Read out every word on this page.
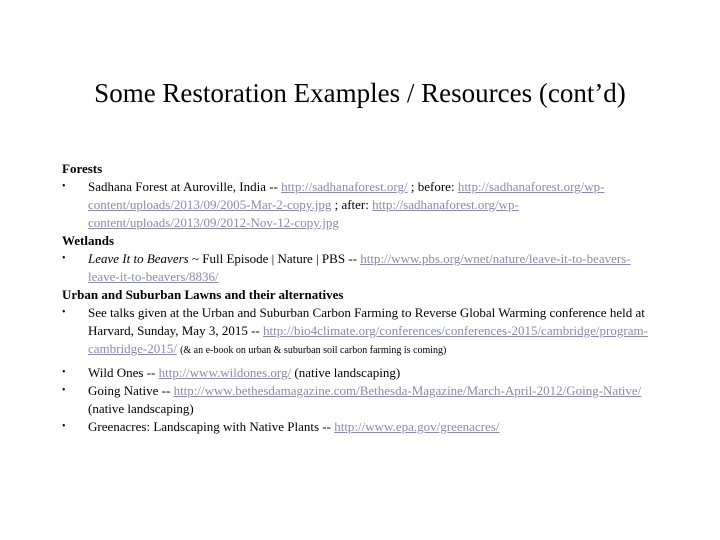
Some Restoration Examples / Resources (cont’d)
Forests
• Sadhana Forest at Auroville, India -- http://sadhanaforest.org/ ; before: http://sadhanaforest.org/wp-content/uploads/2013/09/2005-Mar-2-copy.jpg ; after: http://sadhanaforest.org/wp-content/uploads/2013/09/2012-Nov-12-copy.jpg
Wetlands
• Leave It to Beavers ~ Full Episode | Nature | PBS -- http://www.pbs.org/wnet/nature/leave-it-to-beavers-leave-it-to-beavers/8836/
Urban and Suburban Lawns and their alternatives
• See talks given at the Urban and Suburban Carbon Farming to Reverse Global Warming conference held at Harvard, Sunday, May 3, 2015 -- http://bio4climate.org/conferences/conferences-2015/cambridge/program-cambridge-2015/ (& an e-book on urban & suburban soil carbon farming is coming)
• Wild Ones -- http://www.wildones.org/ (native landscaping)
• Going Native -- http://www.bethesdamagazine.com/Bethesda-Magazine/March-April-2012/Going-Native/ (native landscaping)
• Greenacres: Landscaping with Native Plants -- http://www.epa.gov/greenacres/
